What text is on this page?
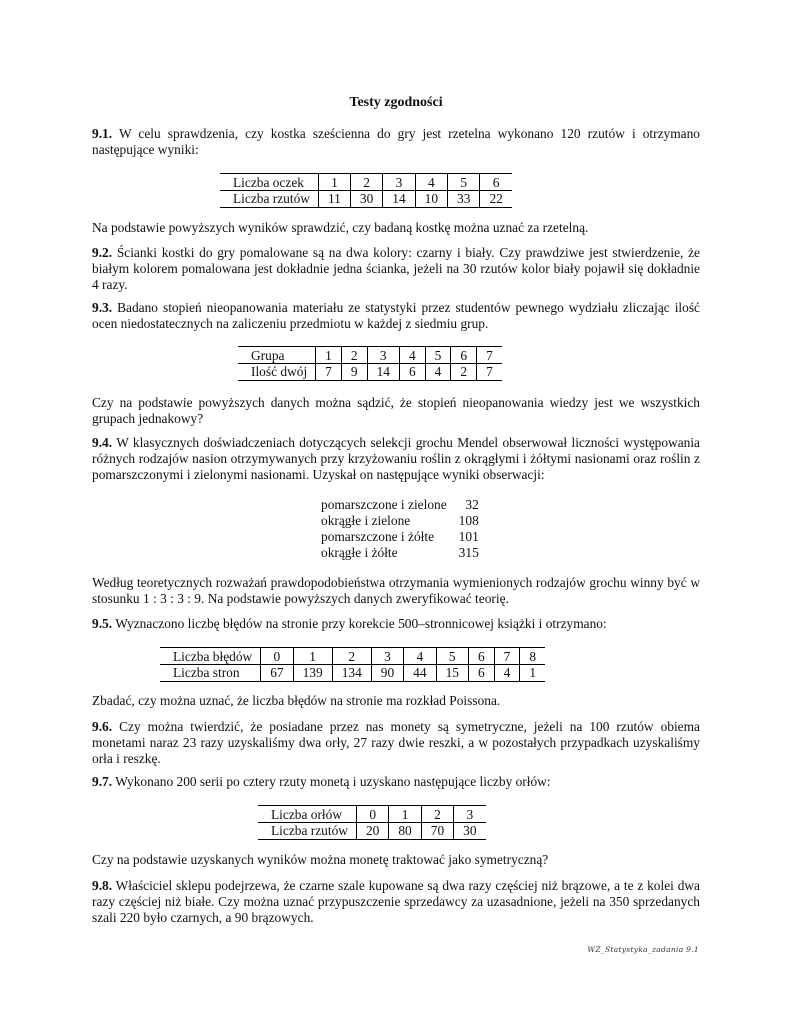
Testy zgodności
9.1. W celu sprawdzenia, czy kostka sześcienna do gry jest rzetelna wykonano 120 rzutów i otrzymano następujące wyniki:
Liczba oczek	1	2	3	4	5	6
Liczba rzutów	11	30	14	10	33	22
Na podstawie powyższych wyników sprawdzić, czy badaną kostkę można uznać za rzetelną.
9.2. Ścianki kostki do gry pomalowane są na dwa kolory: czarny i biały. Czy prawdziwe jest stwierdzenie, że białym kolorem pomalowana jest dokładnie jedna ścianka, jeżeli na 30 rzutów kolor biały pojawił się dokładnie 4 razy.
9.3. Badano stopień nieopanowania materiału ze statystyki przez studentów pewnego wydziału zliczając ilość ocen niedostatecznych na zaliczeniu przedmiotu w każdej z siedmiu grup.
Grupa	1	2	3	4	5	6	7
Ilość dwój	7	9	14	6	4	2	7
Czy na podstawie powyższych danych można sądzić, że stopień nieopanowania wiedzy jest we wszystkich grupach jednakowy?
9.4. W klasycznych doświadczeniach dotyczących selekcji grochu Mendel obserwował liczności występowania różnych rodzajów nasion otrzymywanych przy krzyżowaniu roślin z okrągłymi i żółtymi nasionami oraz roślin z pomarszczonymi i zielonymi nasionami. Uzyskał on następujące wyniki obserwacji:
pomarszczone i zielone	32
okrągłe i zielone	108
pomarszczone i żółte	101
okrągłe i żółte	315
Według teoretycznych rozważań prawdopodobieństwa otrzymania wymienionych rodzajów grochu winny być w stosunku 1 : 3 : 3 : 9. Na podstawie powyższych danych zweryfikować teorię.
9.5. Wyznaczono liczbę błędów na stronie przy korekcie 500–stronnicowej książki i otrzymano:
Liczba błędów	0	1	2	3	4	5	6	7	8
Liczba stron	67	139	134	90	44	15	6	4	1
Zbadać, czy można uznać, że liczba błędów na stronie ma rozkład Poissona.
9.6. Czy można twierdzić, że posiadane przez nas monety są symetryczne, jeżeli na 100 rzutów obiema monetami naraz 23 razy uzyskaliśmy dwa orły, 27 razy dwie reszki, a w pozostałych przypadkach uzyskaliśmy orła i reszkę.
9.7. Wykonano 200 serii po cztery rzuty monetą i uzyskano następujące liczby orłów:
Liczba orłów	0	1	2	3
Liczba rzutów	20	80	70	30
Czy na podstawie uzyskanych wyników można monetę traktować jako symetryczną?
9.8. Właściciel sklepu podejrzewa, że czarne szale kupowane są dwa razy częściej niż brązowe, a te z kolei dwa razy częściej niż białe. Czy można uznać przypuszczenie sprzedawcy za uzasadnione, jeżeli na 350 sprzedanych szali 220 było czarnych, a 90 brązowych.
WZ_Statystyka_zadania 9.1
